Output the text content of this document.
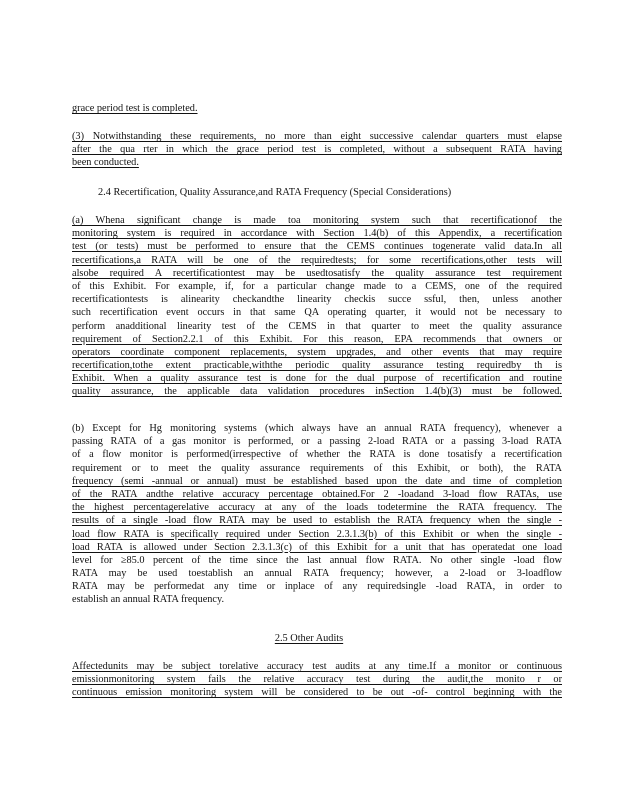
grace period test is completed.
(3) Notwithstanding these requirements, no more than eight successive calendar quarters must elapse
after the qua rter in which the grace period test is completed, without a subsequent RATA having
been conducted.
2.4 Recertification, Quality Assurance,and RATA Frequency (Special Considerations)
(a) Whena significant change is made toa monitoring system such that recertificationof the
monitoring system is required in accordance with Section 1.4(b) of this Appendix, a recertification
test (or tests) must be performed to ensure that the CEMS continues togenerate valid data.In all
recertifications,a RATA will be one of the requiredtests; for some recertifications,other tests will
alsobe required A recertificationtest may be usedtosatisfy the quality assurance test requirement
of this Exhibit. For example, if, for a particular change made to a CEMS, one of the required
recertificationtests is alinearity checkandthe linearity checkis succe ssful, then, unless another
such recertification event occurs in that same QA operating quarter, it would not be necessary to
perform anadditional linearity test of the CEMS in that quarter to meet the quality assurance
requirement of Section2.2.1 of this Exhibit. For this reason, EPA recommends that owners or
operators coordinate component replacements, system upgrades, and other events that may require
recertification,tothe extent practicable,withthe periodic quality assurance testing requiredby th is
Exhibit. When a quality assurance test is done for the dual purpose of recertification and routine
quality assurance, the applicable data validation procedures inSection 1.4(b)(3) must be followed.
(b) Except for Hg monitoring systems (which always have an annual RATA frequency), whenever a
passing RATA of a gas monitor is performed, or a passing 2-load RATA or a passing 3-load RATA
of a flow monitor is performed(irrespective of whether the RATA is done tosatisfy a recertification
requirement or to meet the quality assurance requirements of this Exhibit, or both), the RATA
frequency (semi -annual or annual) must be established based upon the date and time of completion
of the RATA andthe relative accuracy percentage obtained.For 2 -loadand 3-load flow RATAs, use
the highest percentagerelative accuracy at any of the loads todetermine the RATA frequency. The
results of a single -load flow RATA may be used to establish the RATA frequency when the single -
load flow RATA is specifically required under Section 2.3.1.3(b) of this Exhibit or when the single -
load RATA is allowed under Section 2.3.1.3(c) of this Exhibit for a unit that has operatedat one load
level for ≥85.0 percent of the time since the last annual flow RATA. No other single -load flow
RATA may be used toestablish an annual RATA frequency; however, a 2-load or 3-loadflow
RATA may be performedat any time or inplace of any requiredsingle -load RATA, in order to
establish an annual RATA frequency.
2.5 Other Audits
Affectedunits may be subject torelative accuracy test audits at any time.If a monitor or continuous
emissionmonitoring system fails the relative accuracy test during the audit,the monito r or
continuous emission monitoring system will be considered to be out -of- control beginning with the
